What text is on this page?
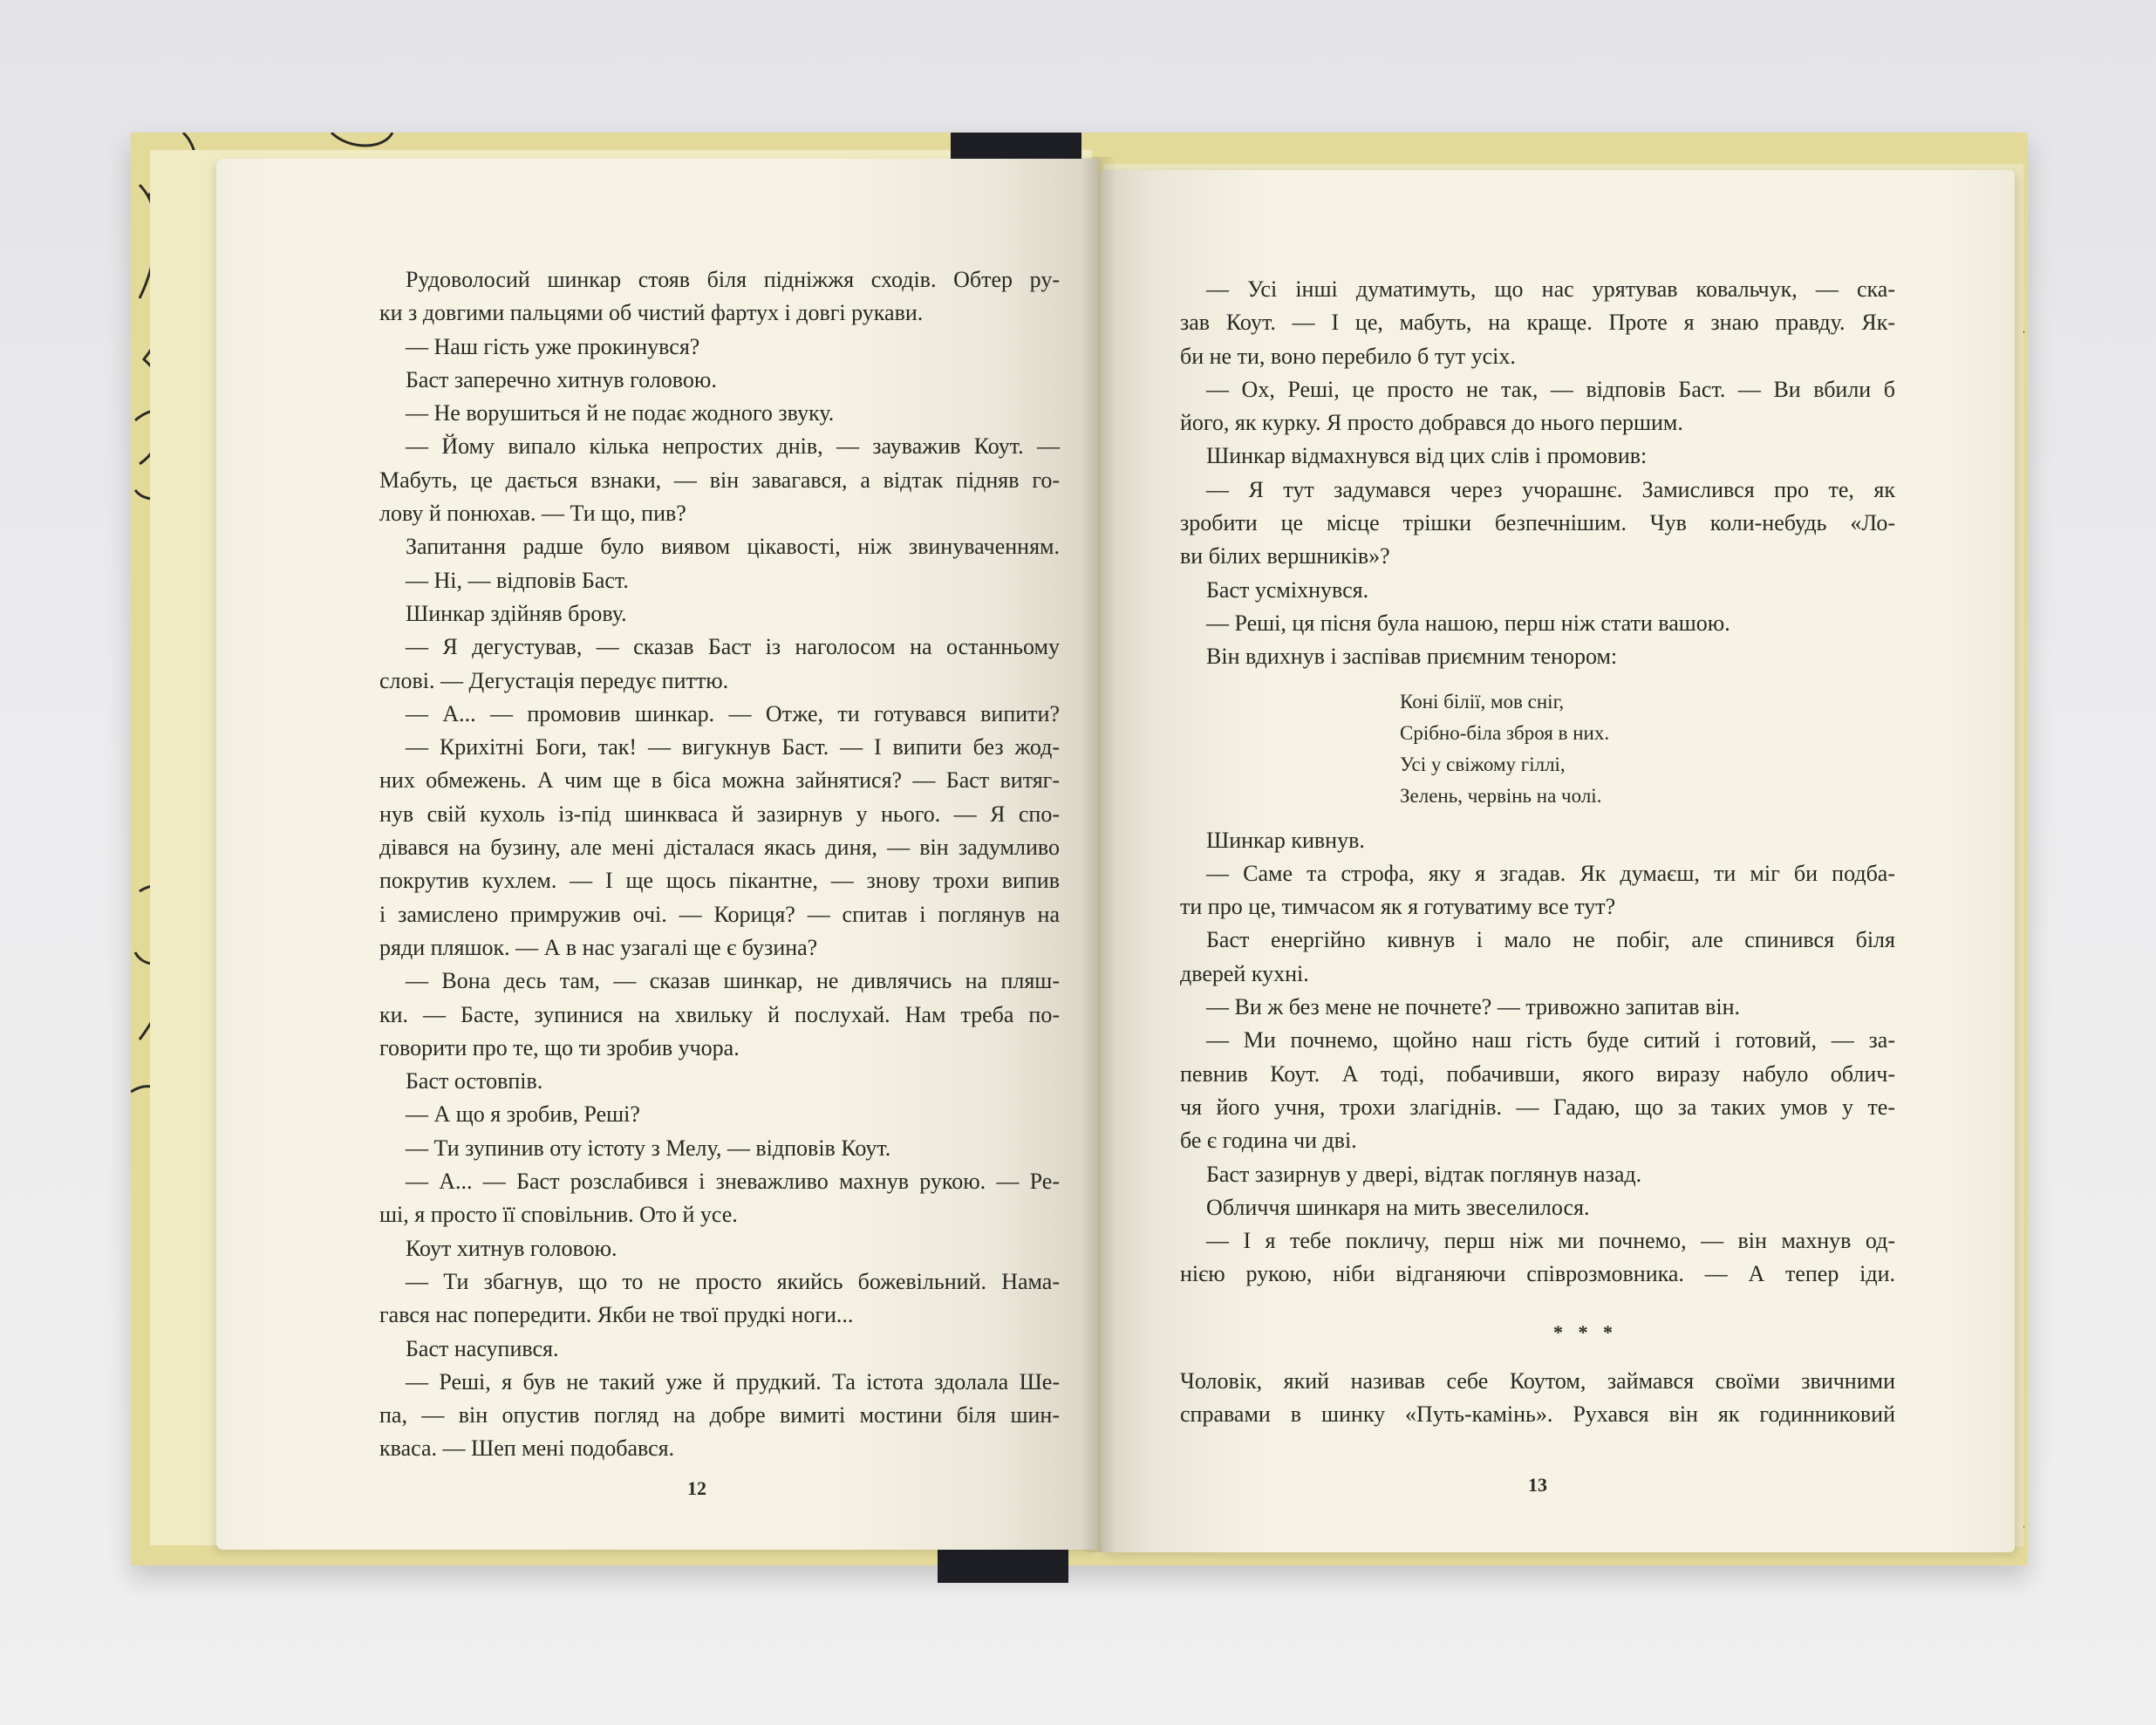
Рудоволосий шинкар стояв біля підніжжя сходів. Обтер ру-

ки з довгими пальцями об чистий фартух і довгі рукави.

— Наш гість уже прокинувся?

Баст заперечно хитнув головою.

— Не ворушиться й не подає жодного звуку.

— Йому випало кілька непростих днів, — зауважив Коут. —

Мабуть, це дається взнаки, — він завагався, а відтак підняв го-

лову й понюхав. — Ти що, пив?

Запитання радше було виявом цікавості, ніж звинуваченням.

— Ні, — відповів Баст.

Шинкар здійняв брову.

— Я дегустував, — сказав Баст із наголосом на останньому

слові. — Дегустація передує питтю.

— А... — промовив шинкар. — Отже, ти готувався випити?

— Крихітні Боги, так! — вигукнув Баст. — І випити без жод-

них обмежень. А чим ще в біса можна зайнятися? — Баст витяг-

нув свій кухоль із-під шинквасa й зазирнув у нього. — Я спо-

дівався на бузину, але мені дісталася якась диня, — він задумливо

покрутив кухлем. — І ще щось пікантне, — знову трохи випив

і замислено примружив очі. — Кориця? — спитав і поглянув на

ряди пляшок. — А в нас узагалі ще є бузина?

— Вона десь там, — сказав шинкар, не дивлячись на пляш-

ки. — Басте, зупинися на хвильку й послухай. Нам треба по-

говорити про те, що ти зробив учора.

Баст остовпів.

— А що я зробив, Реші?

— Ти зупинив оту істоту з Мелу, — відповів Коут.

— А... — Баст розслабився і зневажливо махнув рукою. — Ре-

ші, я просто її сповільнив. Ото й усе.

Коут хитнув головою.

— Ти збагнув, що то не просто якийсь божевільний. Нама-

гався нас попередити. Якби не твої прудкі ноги...

Баст насупився.

— Реші, я був не такий уже й прудкий. Та істота здолала Ше-

па, — він опустив погляд на добре вимиті мостини біля шин-

кваса. — Шеп мені подобався.

12

— Усі інші думатимуть, що нас урятував ковальчук, — ска-

зав Коут. — І це, мабуть, на краще. Проте я знаю правду. Як-

би не ти, воно перебило б тут усіх.

— Ох, Реші, це просто не так, — відповів Баст. — Ви вбили б

його, як курку. Я просто добрався до нього першим.

Шинкар відмахнувся від цих слів і промовив:

— Я тут задумався через учорашнє. Замислився про те, як

зробити це місце трішки безпечнішим. Чув коли-небудь «Ло-

ви білих вершників»?

Баст усміхнувся.

— Реші, ця пісня була нашою, перш ніж стати вашою.

Він вдихнув і заспівав приємним тенором:

Коні білії, мов сніг,
Срібно-біла зброя в них.
Усі у свіжому гіллі,
Зелень, червінь на чолі.

Шинкар кивнув.

— Саме та строфа, яку я згадав. Як думаєш, ти міг би подба-

ти про це, тимчасом як я готуватиму все тут?

Баст енергійно кивнув і мало не побіг, але спинився біля

дверей кухні.

— Ви ж без мене не почнете? — тривожно запитав він.

— Ми почнемо, щойно наш гість буде ситий і готовий, — за-

певнив Коут. А тоді, побачивши, якого виразу набуло облич-

чя його учня, трохи злагіднів. — Гадаю, що за таких умов у те-

бе є година чи дві.

Баст зазирнув у двері, відтак поглянув назад.

Обличчя шинкаря на мить звеселилося.

— І я тебе покличу, перш ніж ми почнемо, — він махнув од-

нією рукою, ніби відганяючи співрозмовника. — А тепер іди.

* * *

Чоловік, який називав себе Коутом, займався своїми звичними

справами в шинку «Путь-камінь». Рухався він як годинниковий

13
